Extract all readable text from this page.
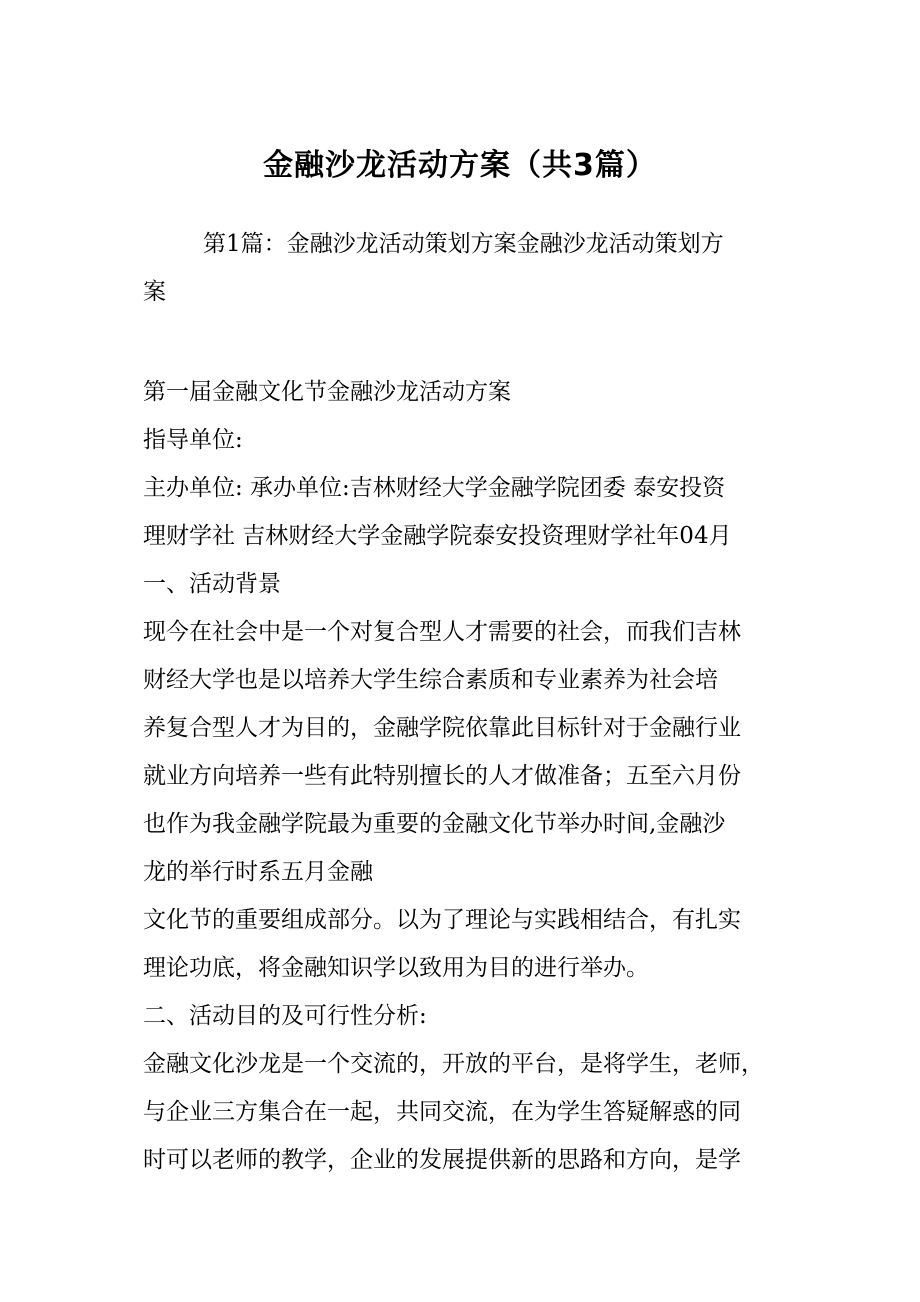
金融沙龙活动方案（共3篇）
第1篇：金融沙龙活动策划方案金融沙龙活动策划方
案
第一届金融文化节金融沙龙活动方案
指导单位:
主办单位: 承办单位:吉林财经大学金融学院团委 泰安投资
理财学社 吉林财经大学金融学院泰安投资理财学社年04月
一、活动背景
现今在社会中是一个对复合型人才需要的社会，而我们吉林
财经大学也是以培养大学生综合素质和专业素养为社会培
养复合型人才为目的，金融学院依靠此目标针对于金融行业
就业方向培养一些有此特别擅长的人才做准备；五至六月份
也作为我金融学院最为重要的金融文化节举办时间,金融沙
龙的举行时系五月金融
文化节的重要组成部分。以为了理论与实践相结合，有扎实
理论功底，将金融知识学以致用为目的进行举办。
二、活动目的及可行性分析:
金融文化沙龙是一个交流的，开放的平台，是将学生，老师，
与企业三方集合在一起，共同交流，在为学生答疑解惑的同
时可以老师的教学，企业的发展提供新的思路和方向，是学
